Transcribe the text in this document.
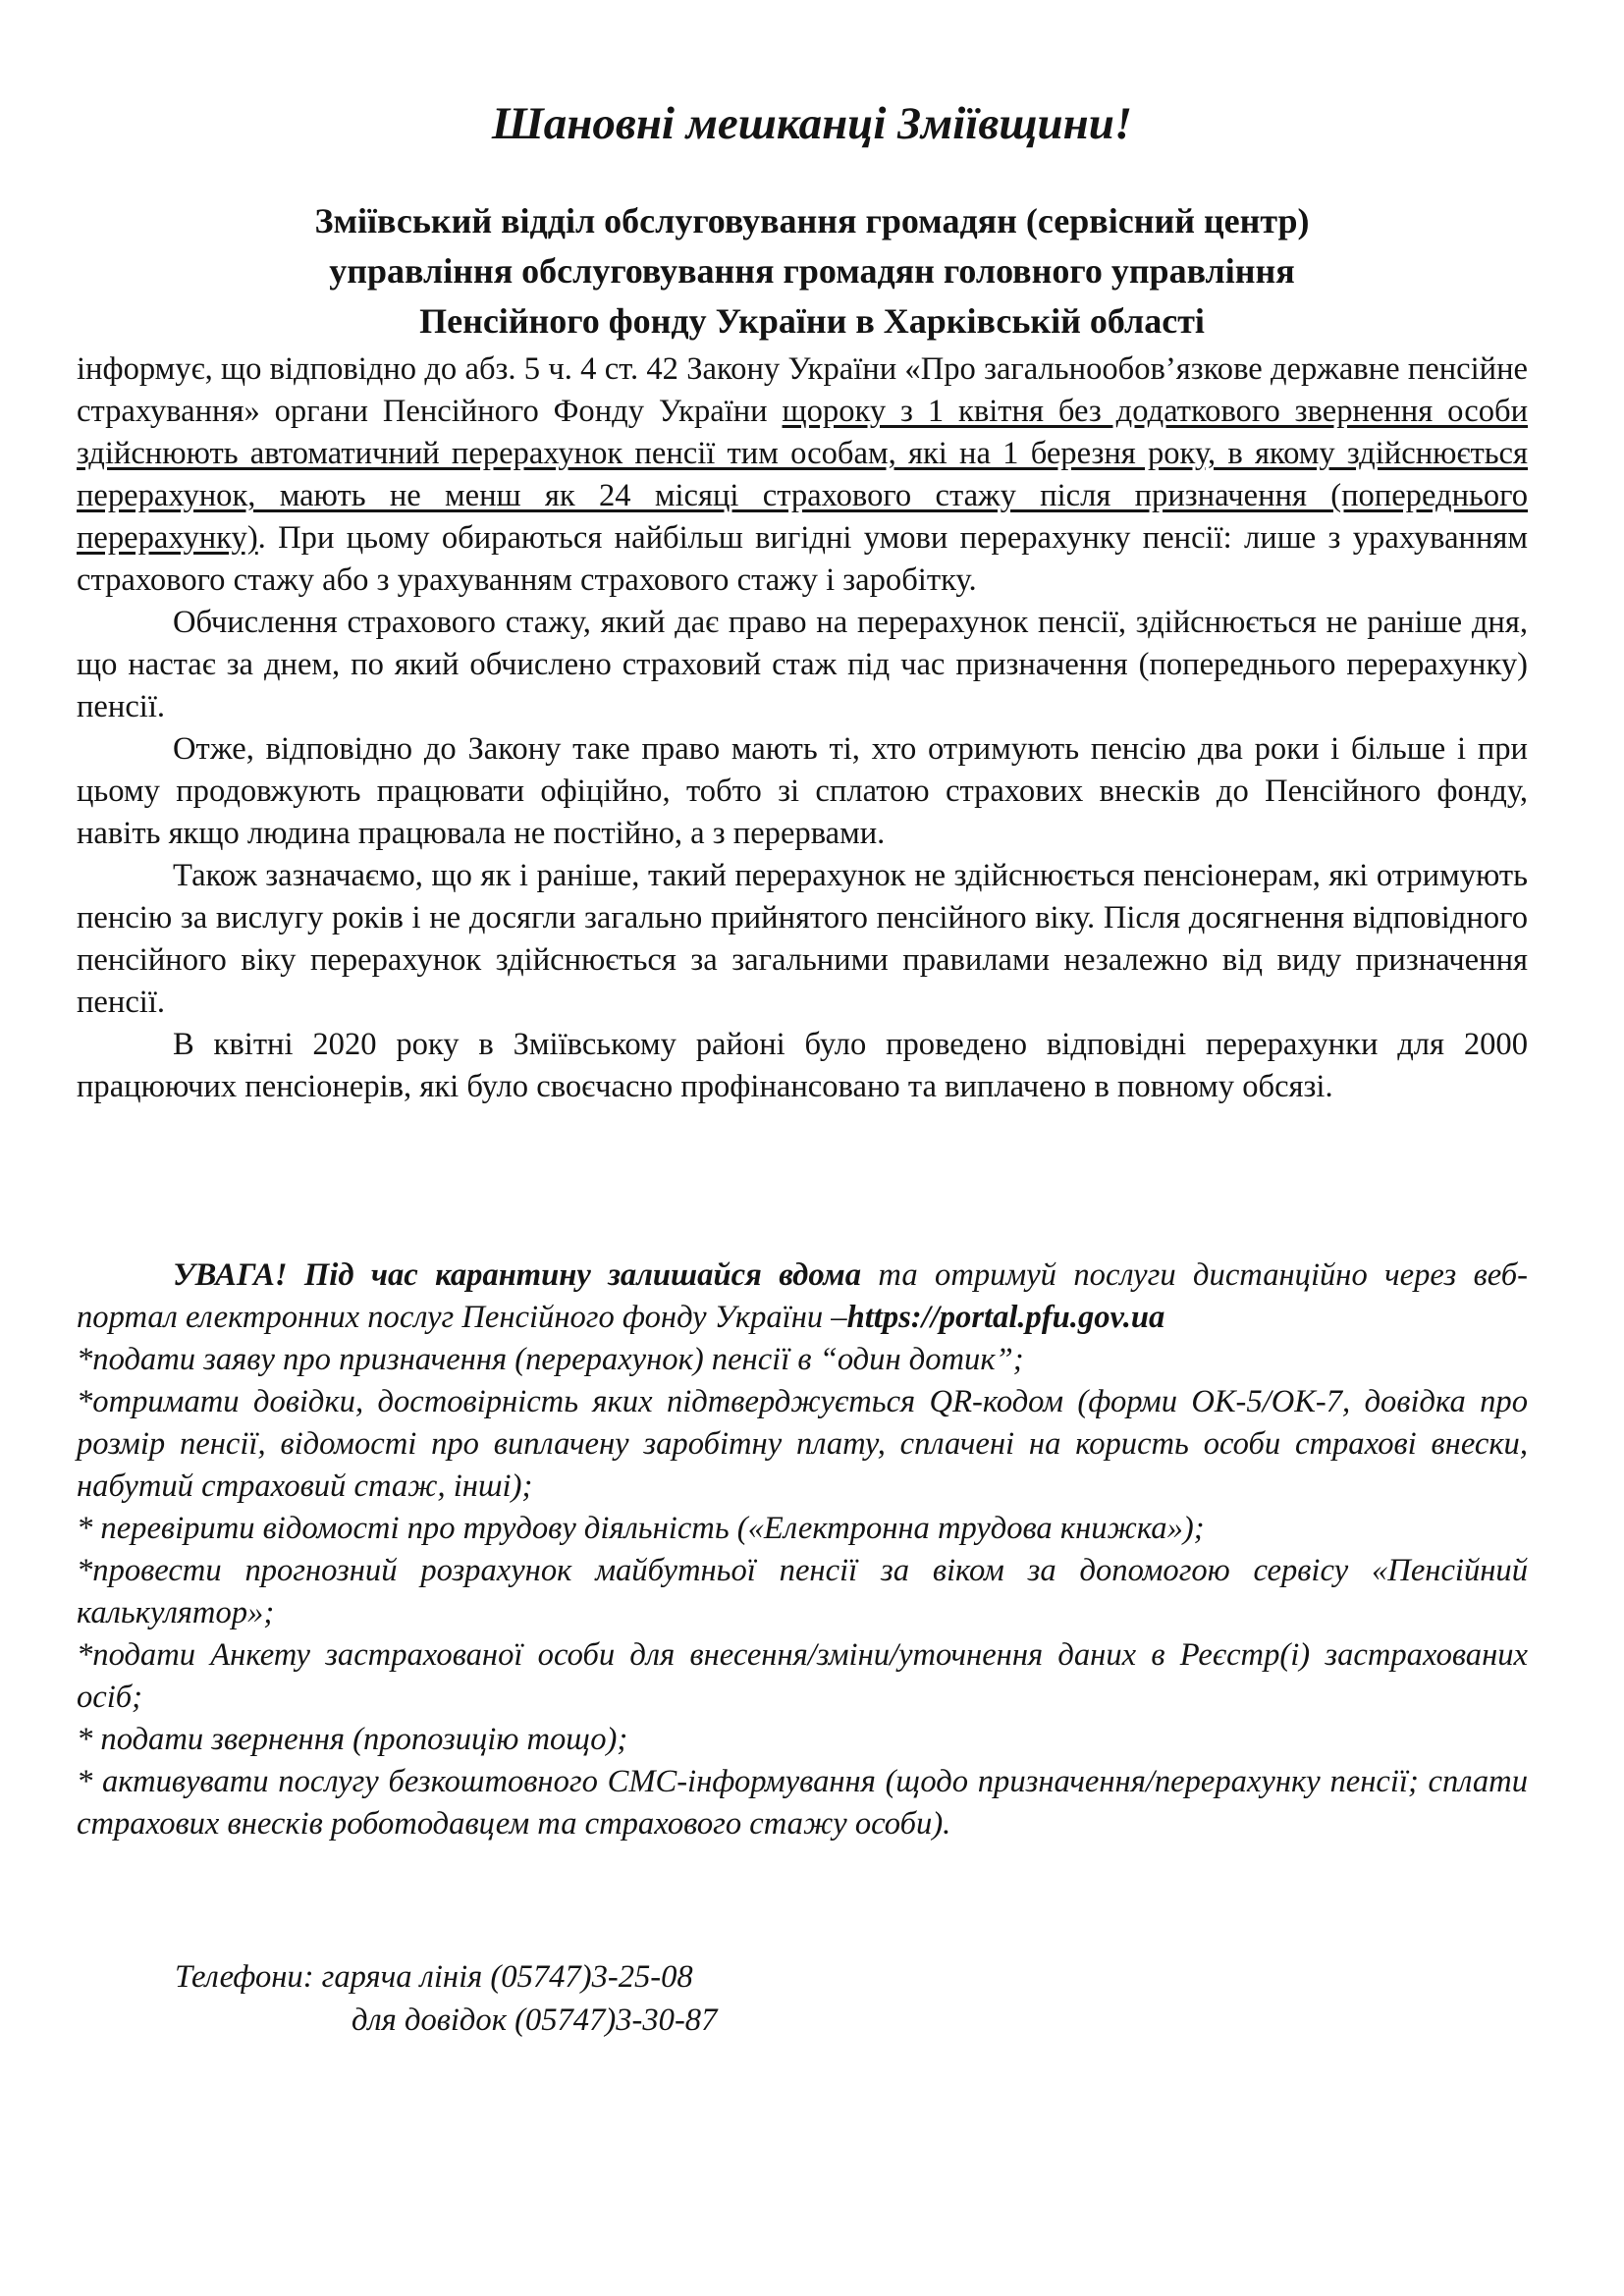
Шановні мешканці Зміївщини!
Зміївський відділ обслуговування громадян (сервісний центр)
управління обслуговування громадян головного управління
Пенсійного фонду України в Харківській області

інформує, що відповідно до абз. 5 ч. 4 ст. 42 Закону України «Про загальнообов’язкове державне пенсійне страхування» органи Пенсійного Фонду України щороку з 1 квітня без додаткового звернення особи здійснюють автоматичний перерахунок пенсії тим особам, які на 1 березня року, в якому здійснюється перерахунок, мають не менш як 24 місяці страхового стажу після призначення (попереднього перерахунку). При цьому обираються найбільш вигідні умови перерахунку пенсії: лише з урахуванням страхового стажу або з урахуванням страхового стажу і заробітку.

Обчислення страхового стажу, який дає право на перерахунок пенсії, здійснюється не раніше дня, що настає за днем, по який обчислено страховий стаж під час призначення (попереднього перерахунку) пенсії.

Отже, відповідно до Закону таке право мають ті, хто отримують пенсію два роки і більше і при цьому продовжують працювати офіційно, тобто зі сплатою страхових внесків до Пенсійного фонду, навіть якщо людина працювала не постійно, а з перервами.

Також зазначаємо, що як і раніше, такий перерахунок не здійснюється пенсіонерам, які отримують пенсію за вислугу років і не досягли загально прийнятого пенсійного віку. Після досягнення відповідного пенсійного віку перерахунок здійснюється за загальними правилами незалежно від виду призначення пенсії.

В квітні 2020 року в Зміївському районі було проведено відповідні перерахунки для 2000 працюючих пенсіонерів, які було своєчасно профінансовано та виплачено в повному обсязі.

УВАГА! Під час карантину залишайся вдома та отримуй послуги дистанційно через веб-портал електронних послуг Пенсійного фонду України –https://portal.pfu.gov.ua

*подати заяву про призначення (перерахунок) пенсії в “один дотик”;

*отримати довідки, достовірність яких підтверджується QR-кодом (форми ОК-5/ОК-7, довідка про розмір пенсії, відомості про виплачену заробітну плату, сплачені на користь особи страхові внески, набутий страховий стаж, інші);

* перевірити відомості про трудову діяльність («Електронна трудова книжка»);

*провести прогнозний розрахунок майбутньої пенсії за віком за допомогою сервісу «Пенсійний калькулятор»;

*подати Анкету застрахованої особи для внесення/зміни/уточнення даних в Реєстр(і) застрахованих осіб;

* подати звернення (пропозицію тощо);

* активувати послугу безкоштовного СМС-інформування (щодо призначення/перерахунку пенсії; сплати страхових внесків роботодавцем та страхового стажу особи).

Телефони: гаряча лінія (05747)3-25-08
для довідок (05747)3-30-87
